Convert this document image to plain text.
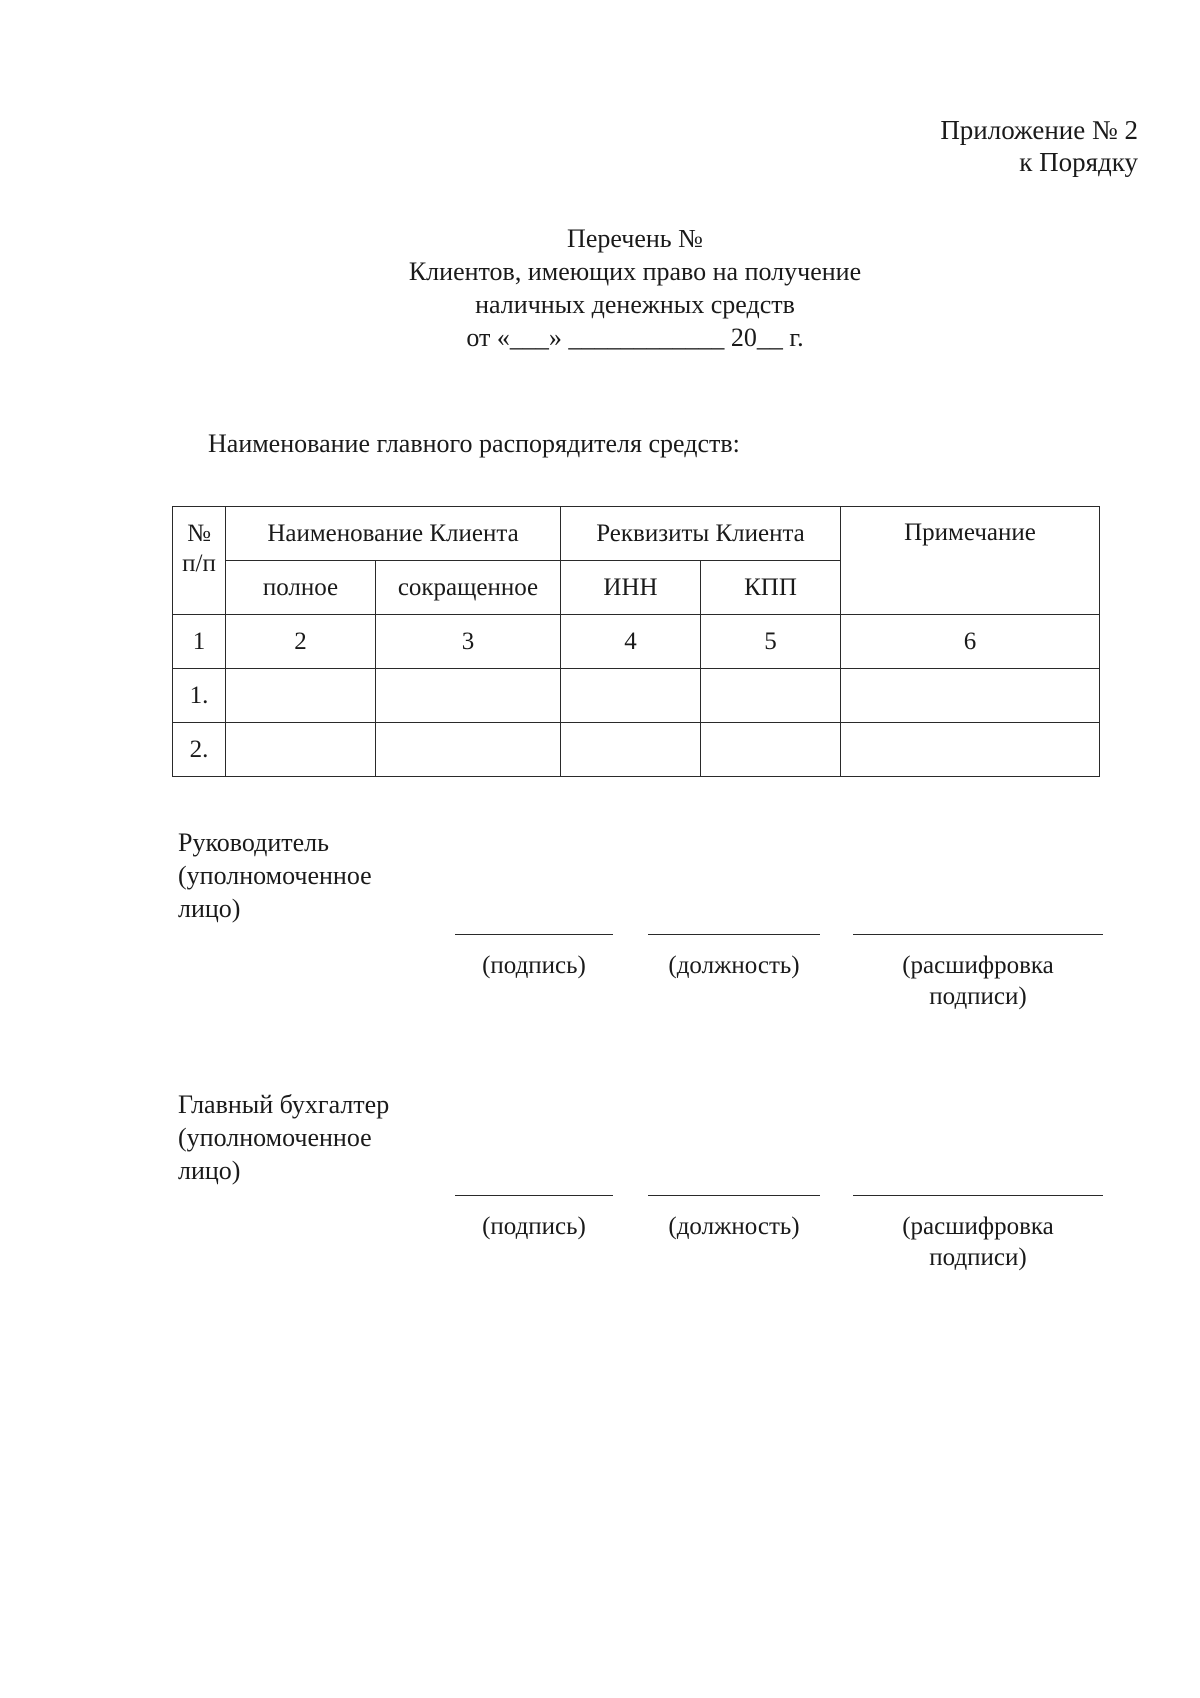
Приложение № 2
к Порядку
Перечень №
Клиентов, имеющих право на получение
наличных денежных средств
от «___» ____________ 20__ г.
Наименование главного распорядителя средств:
№
п/п	Наименование Клиента		Реквизиты Клиента		Примечание
	полное	сокращенное	ИНН	КПП	
1	2	3	4	5	6
1.					
2.					
Руководитель
(уполномоченное
лицо)
(подпись)	(должность)	(расшифровка
подписи)
Главный бухгалтер
(уполномоченное
лицо)
(подпись)	(должность)	(расшифровка
подписи)
